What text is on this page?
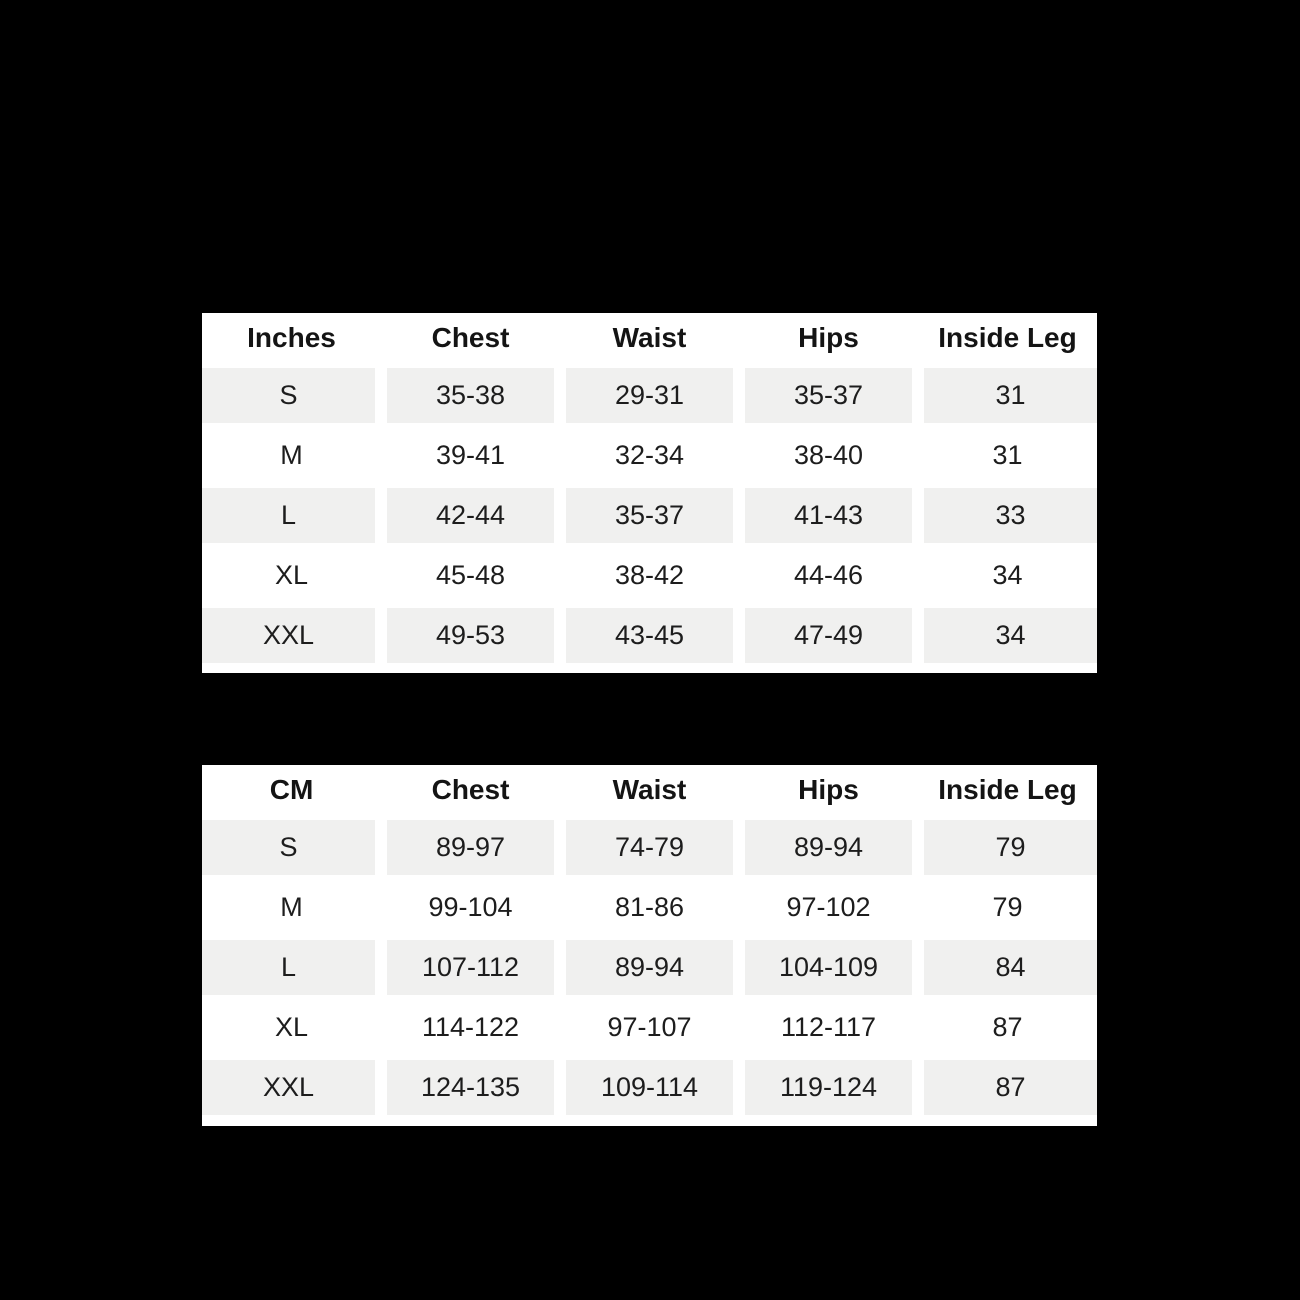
Inches	Chest	Waist	Hips	Inside Leg
S	35-38	29-31	35-37	31
M	39-41	32-34	38-40	31
L	42-44	35-37	41-43	33
XL	45-48	38-42	44-46	34
XXL	49-53	43-45	47-49	34
CM	Chest	Waist	Hips	Inside Leg
S	89-97	74-79	89-94	79
M	99-104	81-86	97-102	79
L	107-112	89-94	104-109	84
XL	114-122	97-107	112-117	87
XXL	124-135	109-114	119-124	87
